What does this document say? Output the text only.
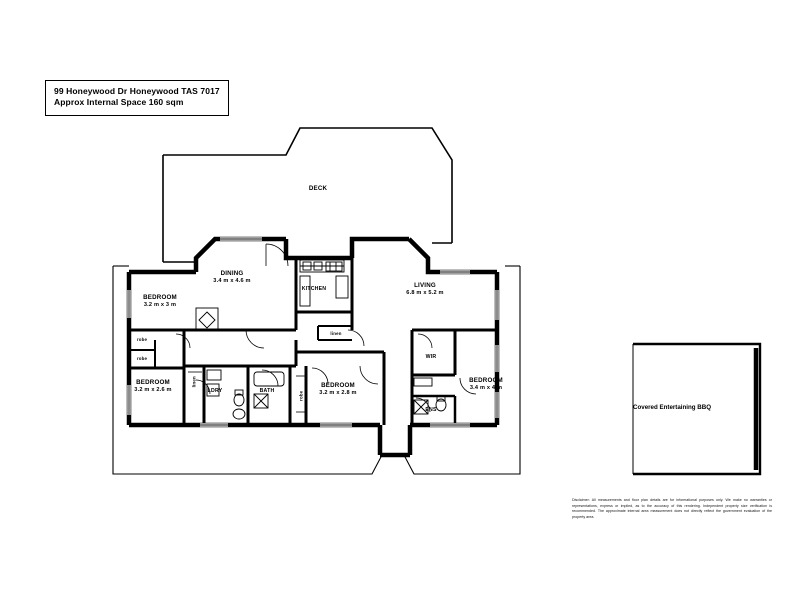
99 Honeywood Dr Honeywood TAS 7017
Approx Internal Space 160 sqm
DECK
DINING
3.4 m x 4.6 m
KITCHEN	LIVING
6.8 m x 5.2 m
BEDROOM
3.2 m x 3 m
BEDROOM
3.2 m x 2.6 m
BEDROOM
3.2 m x 2.8 m
BEDROOM
3.4 m x 4 m
BATH
LDRY
WIR
ENS
linen
robe
robe
linen
robe
Covered Entertaining BBQ
Disclaimer: All measurements and floor plan details are for informational purposes only. We make no warranties or representations, express or implied, as to the accuracy of this rendering. Independent property size verification is recommended. The approximate internal area measurement does not directly reflect the government evaluation of the property area.
